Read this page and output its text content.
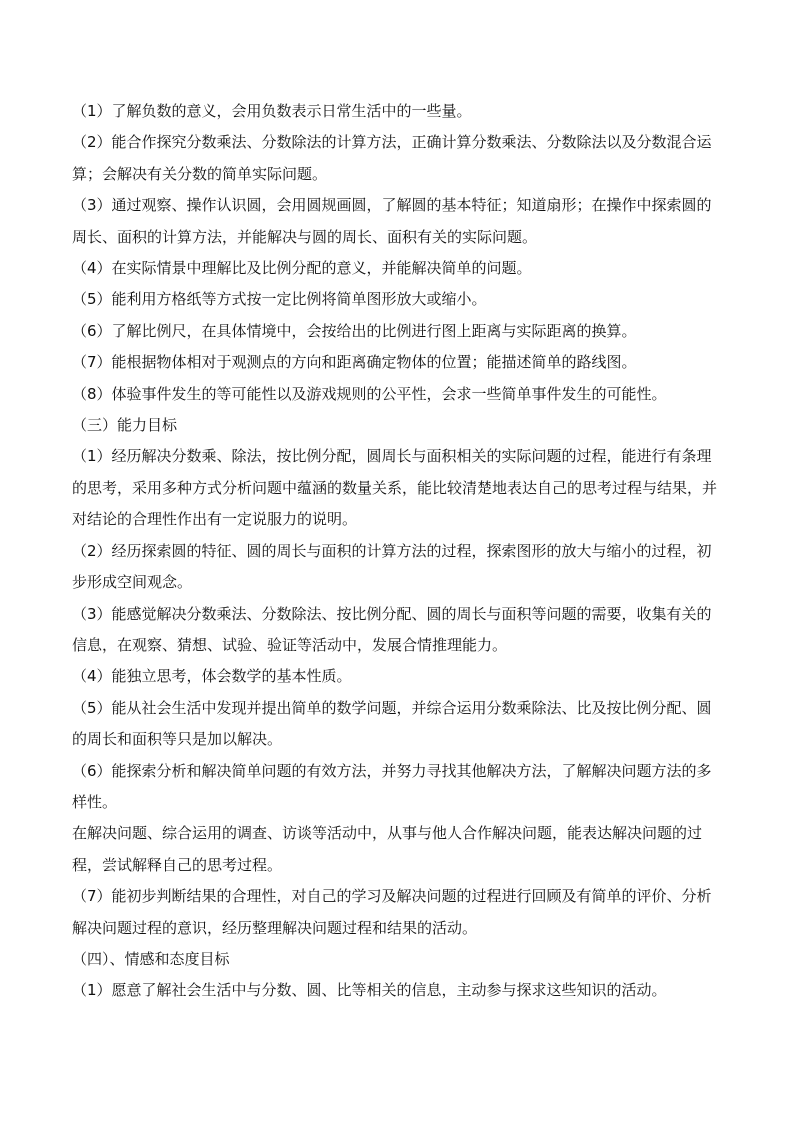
（1）了解负数的意义，会用负数表示日常生活中的一些量。

（2）能合作探究分数乘法、分数除法的计算方法，正确计算分数乘法、分数除法以及分数混合运算；会解决有关分数的简单实际问题。

（3）通过观察、操作认识圆，会用圆规画圆，了解圆的基本特征；知道扇形；在操作中探索圆的周长、面积的计算方法，并能解决与圆的周长、面积有关的实际问题。

（4）在实际情景中理解比及比例分配的意义，并能解决简单的问题。

（5）能利用方格纸等方式按一定比例将简单图形放大或缩小。

（6）了解比例尺，在具体情境中，会按给出的比例进行图上距离与实际距离的换算。

（7）能根据物体相对于观测点的方向和距离确定物体的位置；能描述简单的路线图。

（8）体验事件发生的等可能性以及游戏规则的公平性，会求一些简单事件发生的可能性。

（三）能力目标

（1）经历解决分数乘、除法，按比例分配，圆周长与面积相关的实际问题的过程，能进行有条理的思考，采用多种方式分析问题中蕴涵的数量关系，能比较清楚地表达自己的思考过程与结果，并对结论的合理性作出有一定说服力的说明。

（2）经历探索圆的特征、圆的周长与面积的计算方法的过程，探索图形的放大与缩小的过程，初步形成空间观念。

（3）能感觉解决分数乘法、分数除法、按比例分配、圆的周长与面积等问题的需要，收集有关的信息，在观察、猜想、试验、验证等活动中，发展合情推理能力。

（4）能独立思考，体会数学的基本性质。

（5）能从社会生活中发现并提出简单的数学问题，并综合运用分数乘除法、比及按比例分配、圆的周长和面积等只是加以解决。

（6）能探索分析和解决简单问题的有效方法，并努力寻找其他解决方法，了解解决问题方法的多样性。

在解决问题、综合运用的调查、访谈等活动中，从事与他人合作解决问题，能表达解决问题的过程，尝试解释自己的思考过程。

（7）能初步判断结果的合理性，对自己的学习及解决问题的过程进行回顾及有简单的评价、分析解决问题过程的意识，经历整理解决问题过程和结果的活动。

（四）、情感和态度目标

（1）愿意了解社会生活中与分数、圆、比等相关的信息，主动参与探求这些知识的活动。
